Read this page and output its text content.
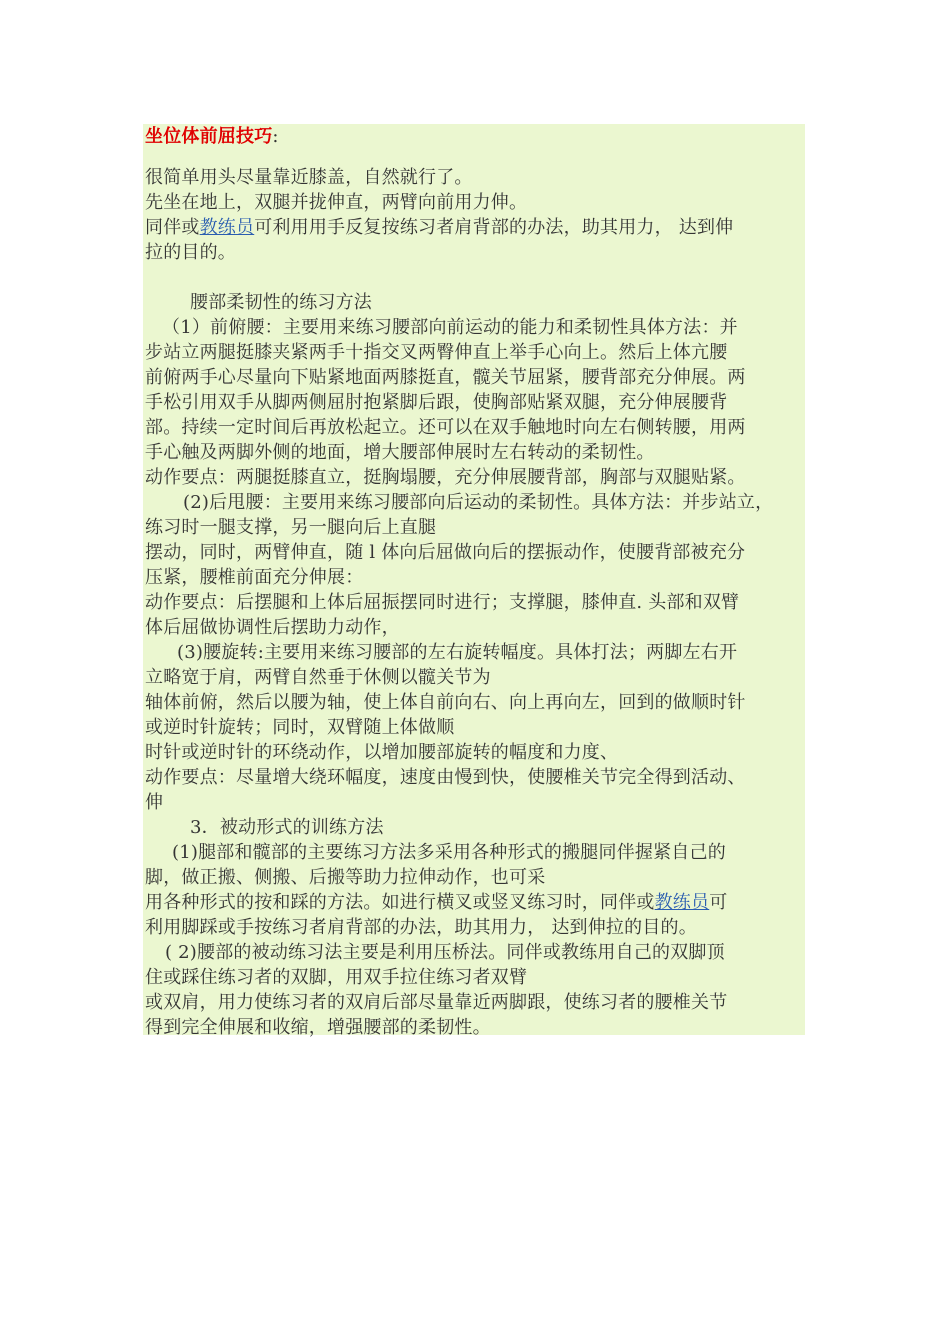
坐位体前屈技巧:
很简单用头尽量靠近膝盖，自然就行了。
先坐在地上，双腿并拢伸直，两臂向前用力伸。
同伴或教练员可利用用手反复按练习者肩背部的办法，助其用力， 达到伸
拉的目的。
腰部柔韧性的练习方法
（1）前俯腰：主要用来练习腰部向前运动的能力和柔韧性具体方法：并
步站立两腿挺膝夹紧两手十指交叉两臀伸直上举手心向上。然后上体亢腰
前俯两手心尽量向下贴紧地面两膝挺直，髋关节屈紧，腰背部充分伸展。两
手松引用双手从脚两侧屈肘抱紧脚后跟，使胸部贴紧双腿，充分伸展腰背
部。持续一定时间后再放松起立。还可以在双手触地时向左右侧转腰，用两
手心触及两脚外侧的地面，增大腰部伸展时左右转动的柔韧性。
动作要点：两腿挺膝直立，挺胸塌腰，充分伸展腰背部，胸部与双腿贴紧。
(2)后甩腰：主要用来练习腰部向后运动的柔韧性。具体方法：并步站立，
练习时一腿支撑，另一腿向后上直腿
摆动，同时，两臂伸直，随 l 体向后屈做向后的摆振动作，使腰背部被充分
压紧，腰椎前面充分伸展：
动作要点：后摆腿和上体后屈振摆同时进行；支撑腿，膝伸直. 头部和双臂
体后屈做协调性后摆助力动作，
(3)腰旋转:主要用来练习腰部的左右旋转幅度。具体打法；两脚左右开
立略宽于肩，两臂自然垂于休侧以髋关节为
轴体前俯，然后以腰为轴，使上体自前向右、向上再向左，回到的做顺时针
或逆时针旋转；同时，双臂随上体做顺
时针或逆时针的环绕动作，以增加腰部旋转的幅度和力度、
动作要点：尽量增大绕环幅度，速度由慢到快，使腰椎关节完全得到活动、
伸
3．被动形式的训练方法
(1)腿部和髋部的主要练习方法多采用各种形式的搬腿同伴握紧自己的
脚，做正搬、侧搬、后搬等助力拉伸动作，也可采
用各种形式的按和踩的方法。如进行横叉或竖叉练习时，同伴或教练员可
利用脚踩或手按练习者肩背部的办法，助其用力， 达到伸拉的目的。
( 2)腰部的被动练习法主要是利用压桥法。同伴或教练用自己的双脚顶
住或踩住练习者的双脚，用双手拉住练习者双臂
或双肩，用力使练习者的双肩后部尽量靠近两脚跟，使练习者的腰椎关节
得到完全伸展和收缩，增强腰部的柔韧性。
